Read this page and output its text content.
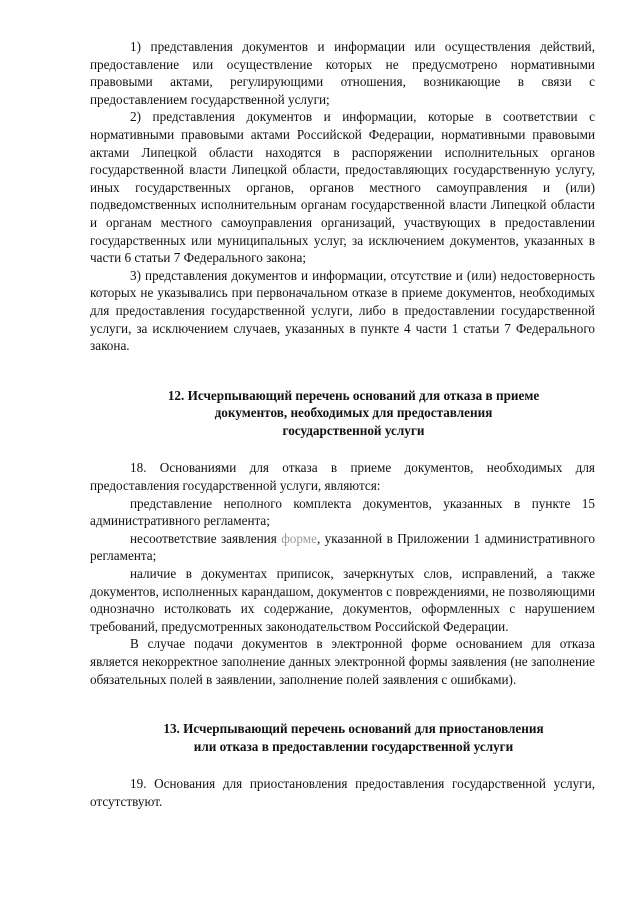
1) представления документов и информации или осуществления действий, предоставление или осуществление которых не предусмотрено нормативными правовыми актами, регулирующими отношения, возникающие в связи с предоставлением государственной услуги;

2) представления документов и информации, которые в соответствии с нормативными правовыми актами Российской Федерации, нормативными правовыми актами Липецкой области находятся в распоряжении исполнительных органов государственной власти Липецкой области, предоставляющих государственную услугу, иных государственных органов, органов местного самоуправления и (или) подведомственных исполнительным органам государственной власти Липецкой области и органам местного самоуправления организаций, участвующих в предоставлении государственных или муниципальных услуг, за исключением документов, указанных в части 6 статьи 7 Федерального закона;

3) представления документов и информации, отсутствие и (или) недостоверность которых не указывались при первоначальном отказе в приеме документов, необходимых для предоставления государственной услуги, либо в предоставлении государственной услуги, за исключением случаев, указанных в пункте 4 части 1 статьи 7 Федерального закона.

12. Исчерпывающий перечень оснований для отказа в приеме
документов, необходимых для предоставления
государственной услуги

18. Основаниями для отказа в приеме документов, необходимых для предоставления государственной услуги, являются:

представление неполного комплекта документов, указанных в пункте 15 административного регламента;

несоответствие заявления форме, указанной в Приложении 1 административного регламента;

наличие в документах приписок, зачеркнутых слов, исправлений, а также документов, исполненных карандашом, документов с повреждениями, не позволяющими однозначно истолковать их содержание, документов, оформленных с нарушением требований, предусмотренных законодательством Российской Федерации.

В случае подачи документов в электронной форме основанием для отказа является некорректное заполнение данных электронной формы заявления (не заполнение обязательных полей в заявлении, заполнение полей заявления с ошибками).

13. Исчерпывающий перечень оснований для приостановления
или отказа в предоставлении государственной услуги

19. Основания для приостановления предоставления государственной услуги, отсутствуют.
